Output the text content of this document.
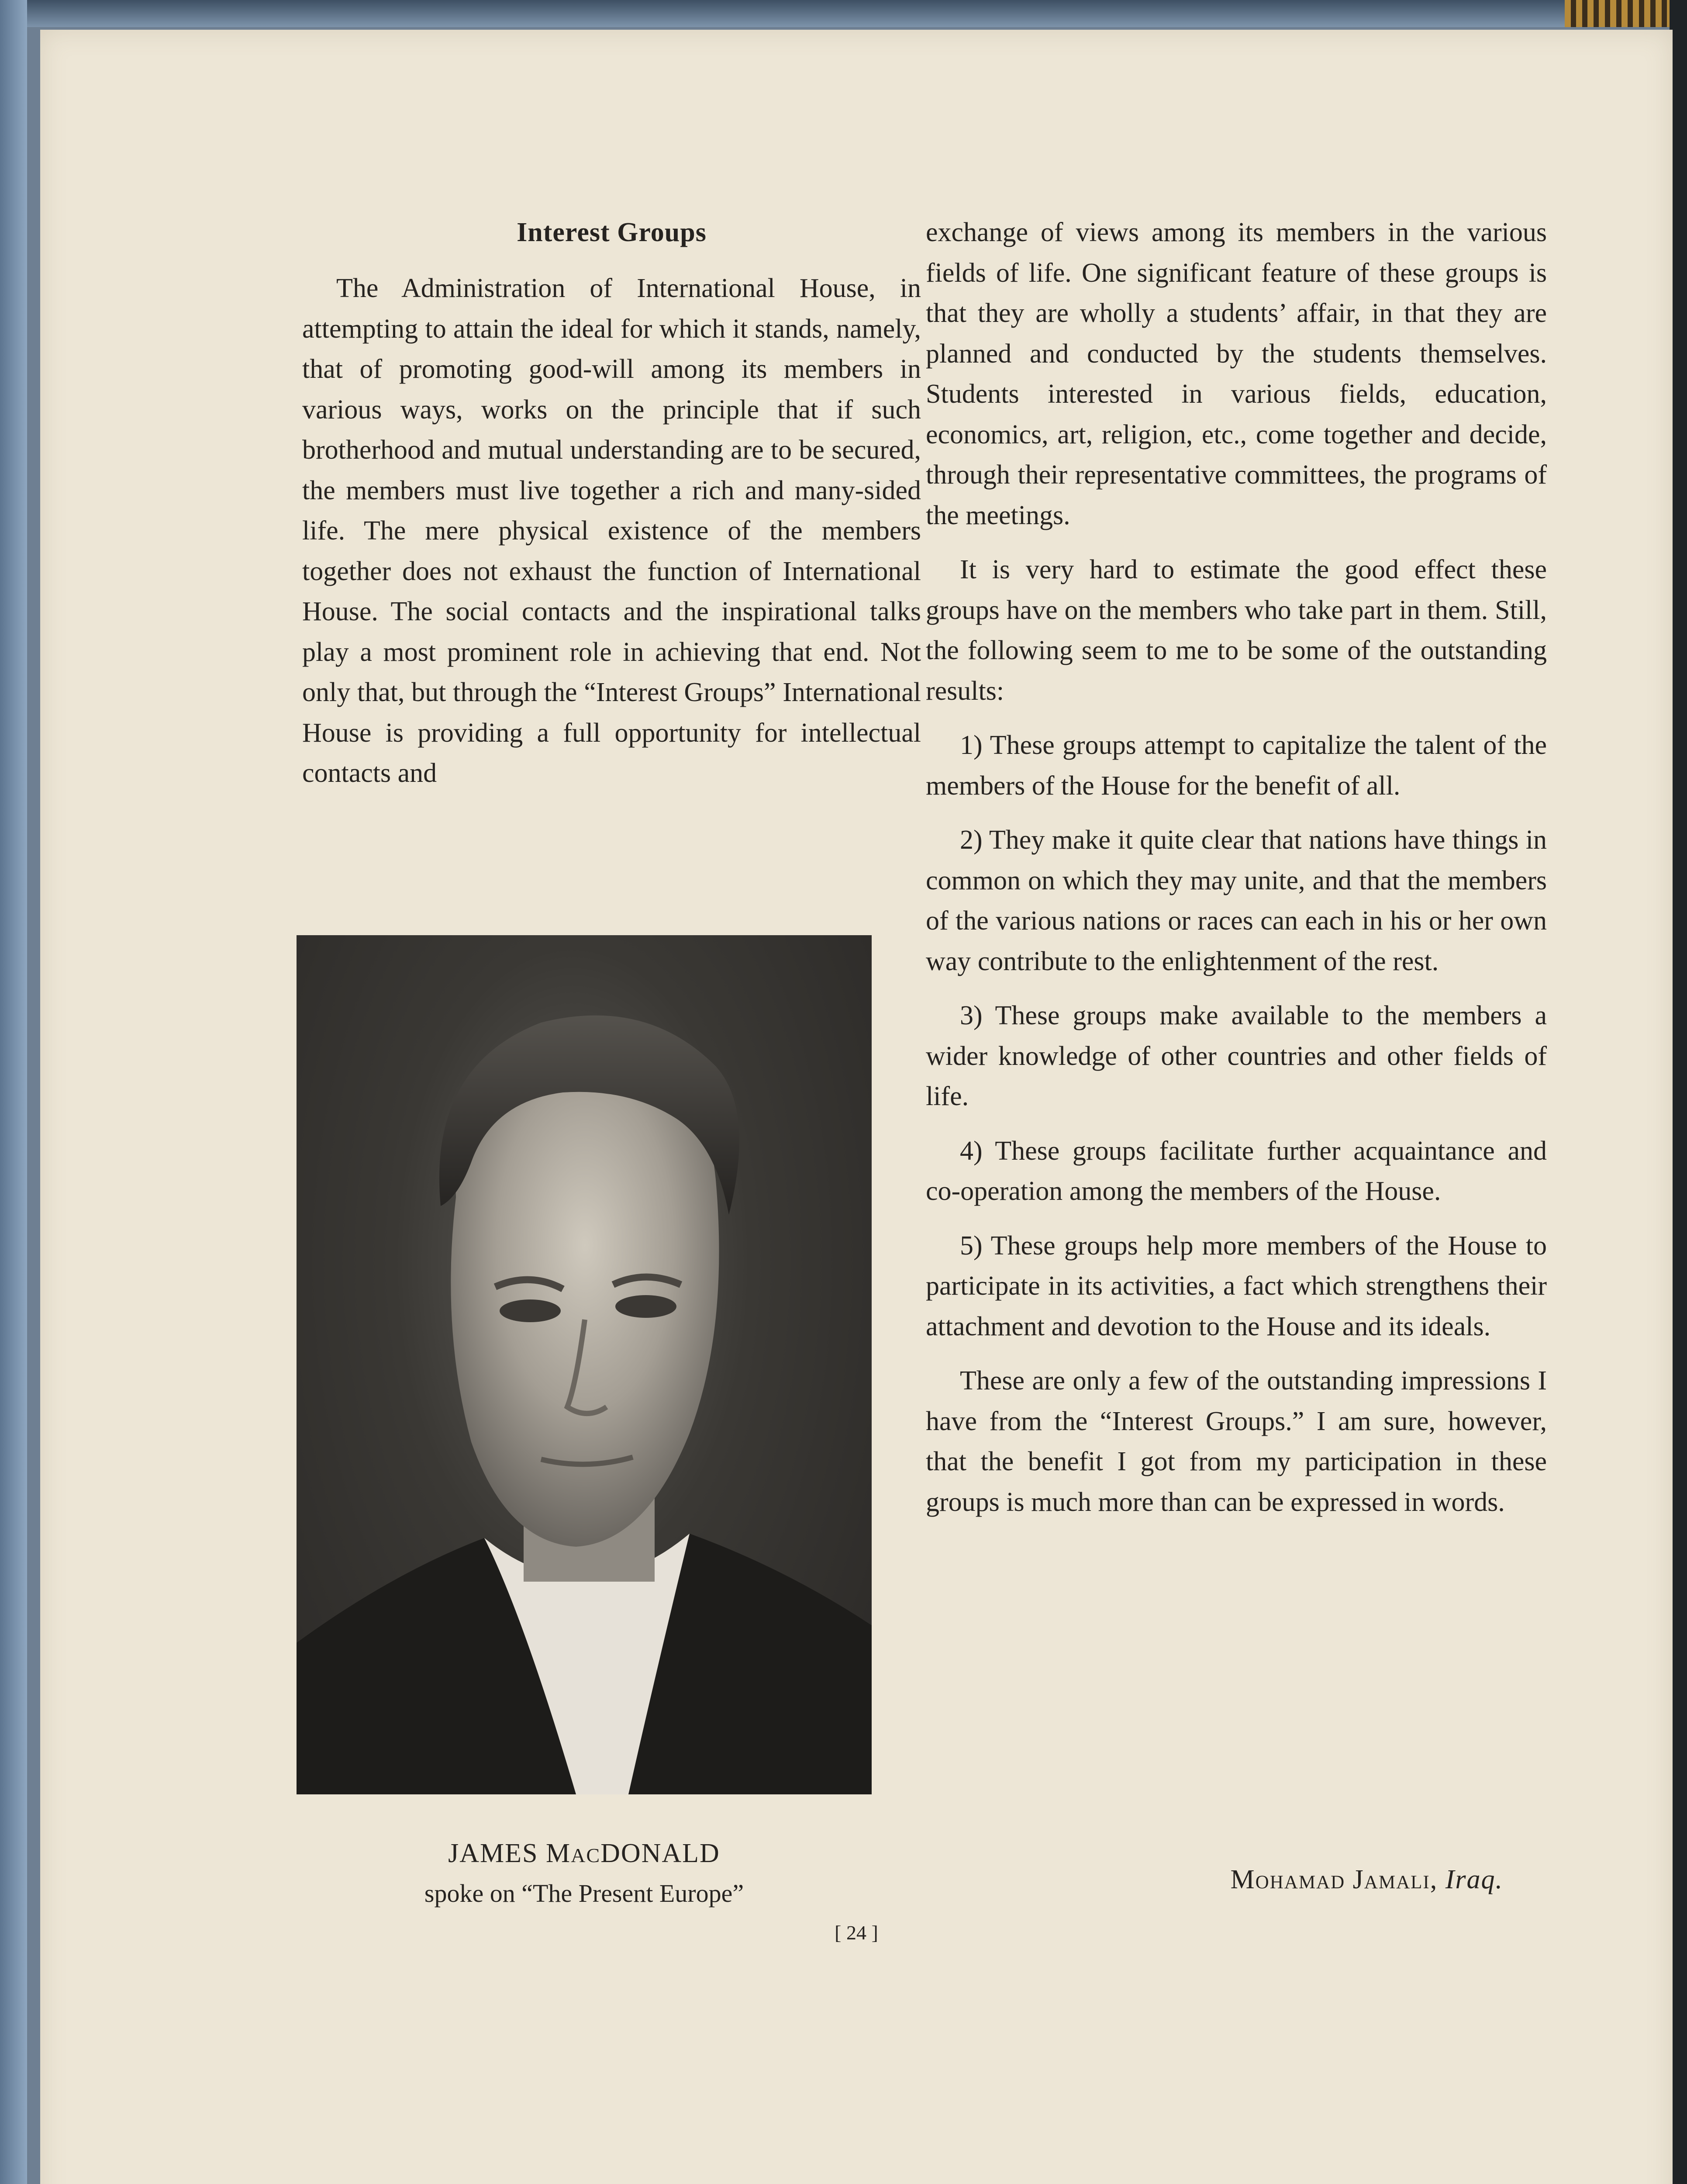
Interest Groups

The Administration of International House, in attempting to attain the ideal for which it stands, namely, that of promoting good-will among its members in various ways, works on the principle that if such brotherhood and mutual understanding are to be secured, the members must live together a rich and many-sided life. The mere physical existence of the members together does not exhaust the function of International House. The social contacts and the inspirational talks play a most prominent role in achieving that end. Not only that, but through the “Interest Groups” International House is providing a full opportunity for intellectual contacts and

JAMES MACDONALD
spoke on “The Present Europe”

exchange of views among its members in the various fields of life. One significant feature of these groups is that they are wholly a students’ affair, in that they are planned and conducted by the students themselves. Students interested in various fields, education, economics, art, religion, etc., come together and decide, through their representative committees, the programs of the meetings.

It is very hard to estimate the good effect these groups have on the members who take part in them. Still, the following seem to me to be some of the outstanding results:

1) These groups attempt to capitalize the talent of the members of the House for the benefit of all.

2) They make it quite clear that nations have things in common on which they may unite, and that the members of the various nations or races can each in his or her own way contribute to the enlightenment of the rest.

3) These groups make available to the members a wider knowledge of other countries and other fields of life.

4) These groups facilitate further acquaintance and co-operation among the members of the House.

5) These groups help more members of the House to participate in its activities, a fact which strengthens their attachment and devotion to the House and its ideals.

These are only a few of the outstanding impressions I have from the “Interest Groups.” I am sure, however, that the benefit I got from my participation in these groups is much more than can be expressed in words.

Mohamad Jamali, Iraq.
[ 24 ]
